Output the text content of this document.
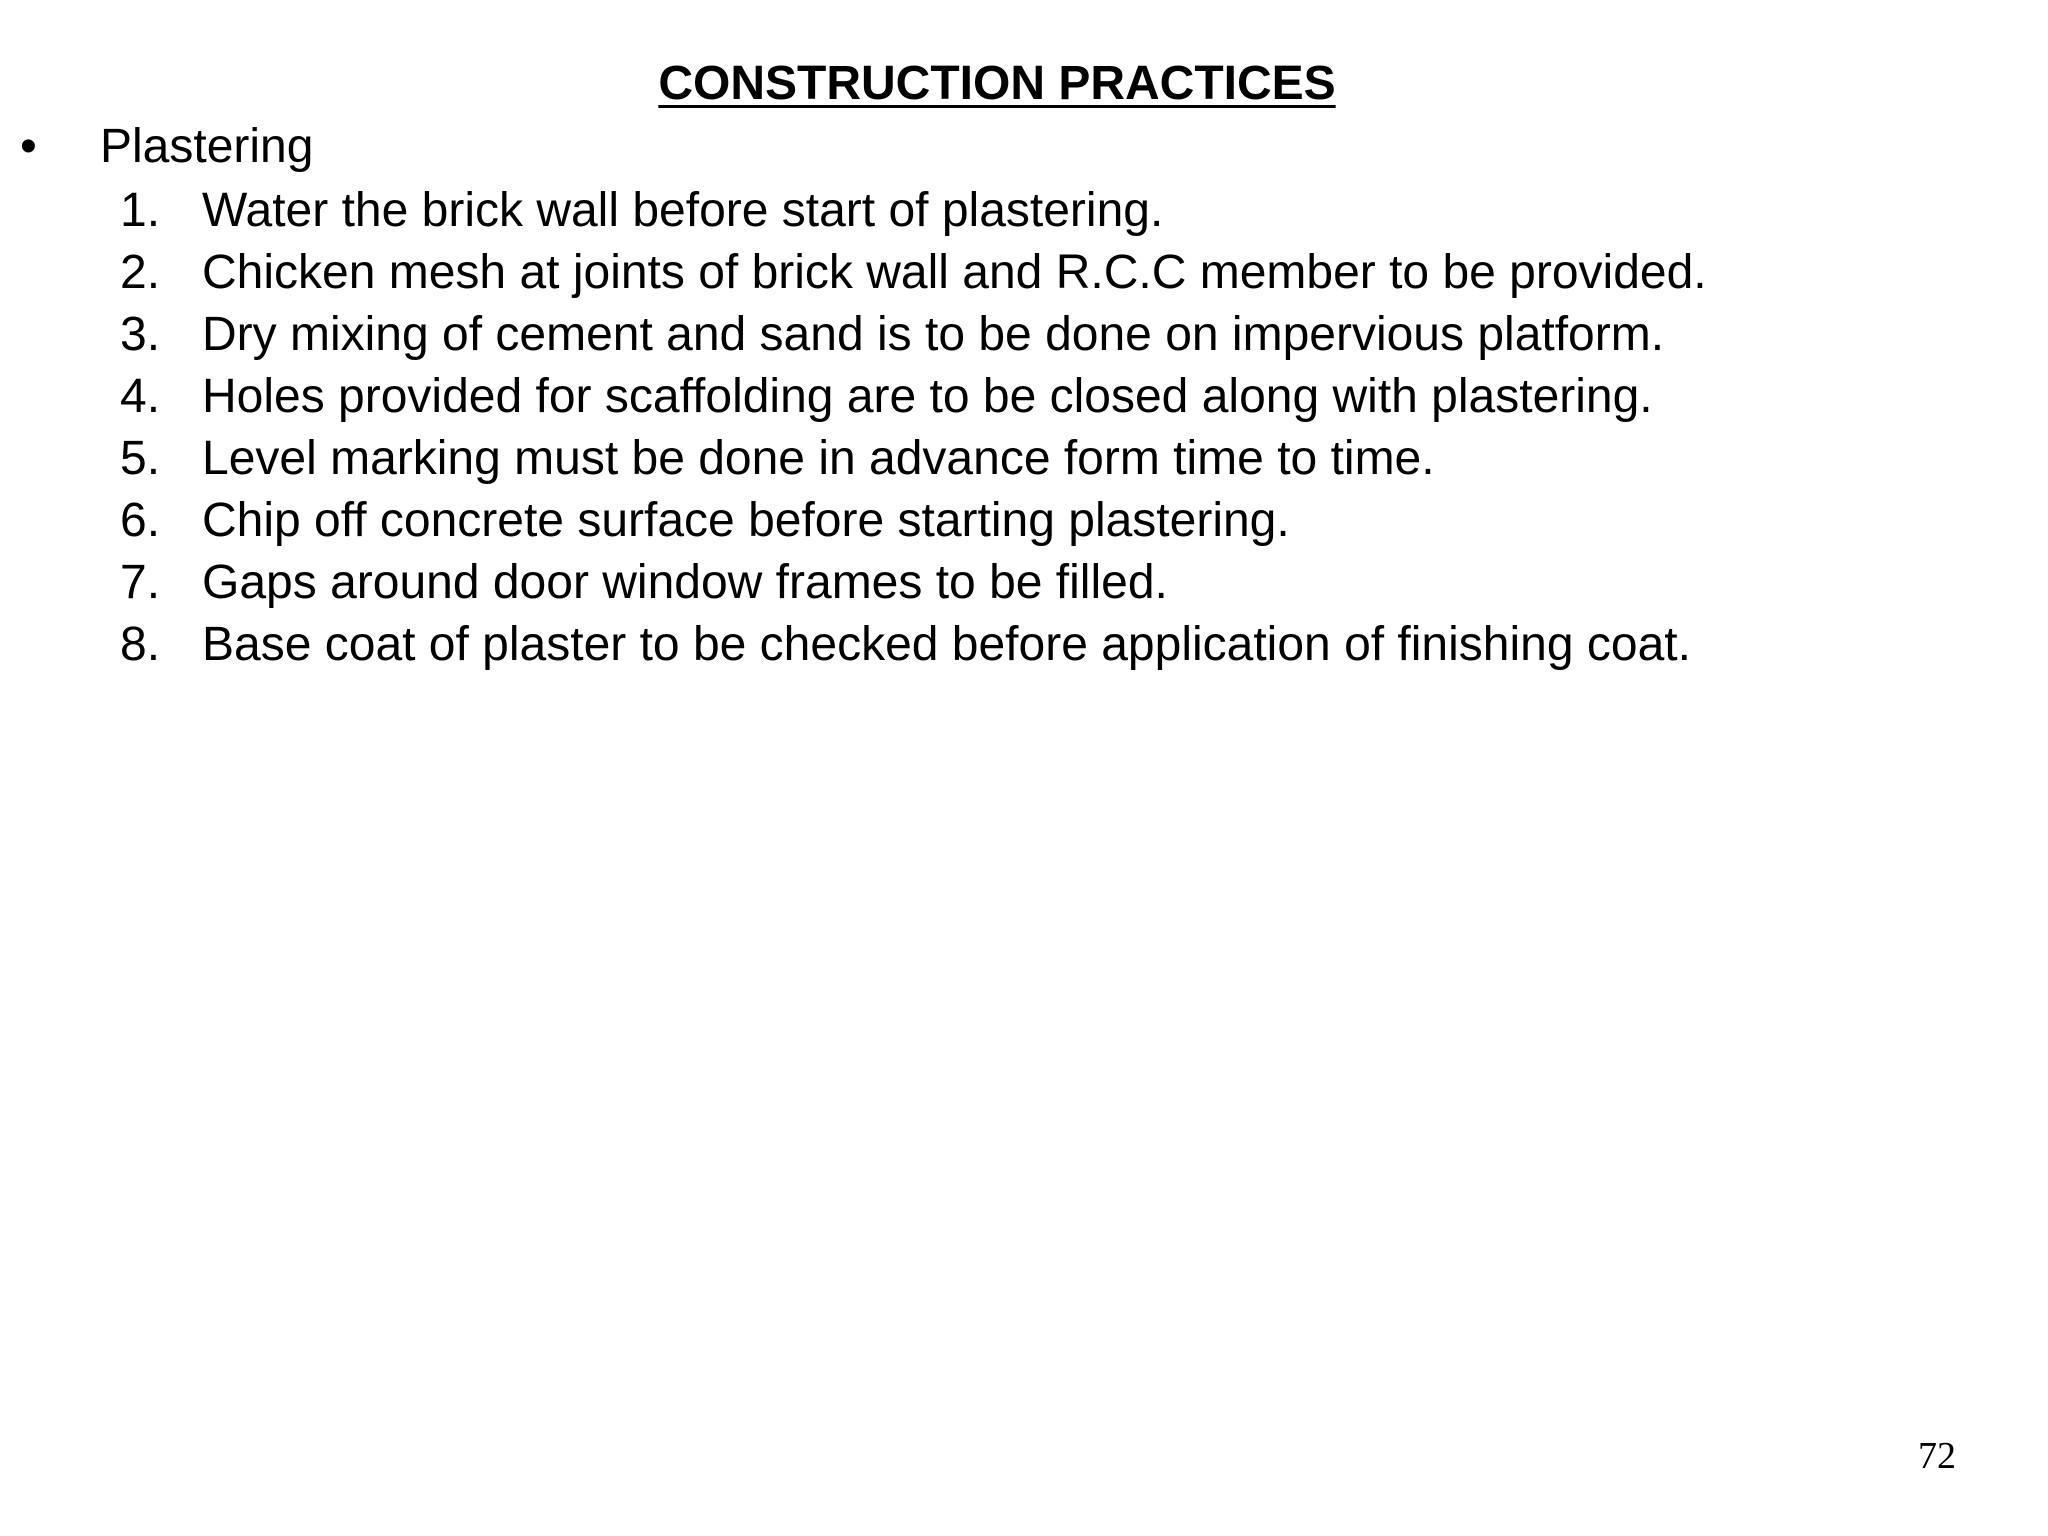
CONSTRUCTION PRACTICES
•	Plastering
1. Water the brick wall before start of plastering.
2. Chicken mesh at joints of brick wall and R.C.C member to be provided.
3. Dry mixing of cement and sand is to be done on impervious platform.
4. Holes provided for scaffolding are to be closed along with plastering.
5. Level marking must be done in advance form time to time.
6. Chip off concrete surface before starting plastering.
7. Gaps around door window frames to be filled.
8. Base coat of plaster to be checked before application of finishing coat.
72
